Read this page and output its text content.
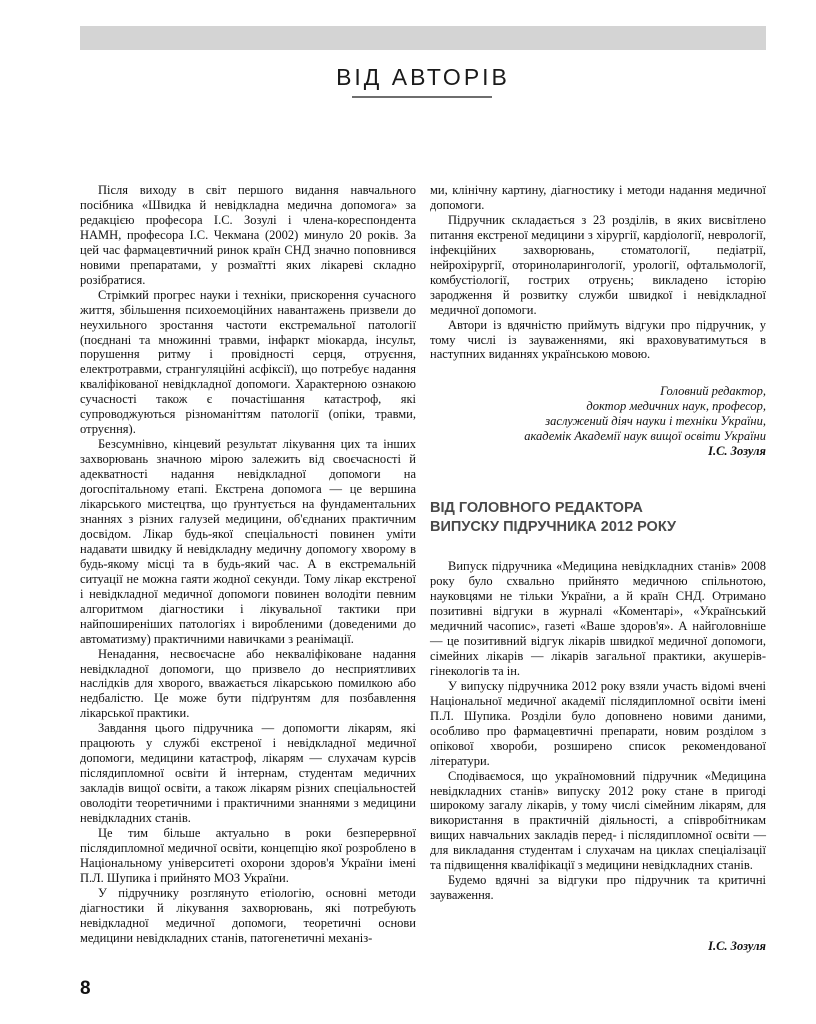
ВІД АВТОРІВ

Після виходу в світ першого видання навчального посібника «Швидка й невідкладна медична допомога» за редакцією професора І.С. Зозулі і члена-кореспондента НАМН, професора І.С. Чекмана (2002) минуло 20 років. За цей час фармацевтичний ринок країн СНД значно поповнився новими препаратами, у розмаїтті яких лікареві складно розібратися.

Стрімкий прогрес науки і техніки, прискорення сучасного життя, збільшення психоемоційних навантажень призвели до неухильного зростання частоти екстремальної патології (поєднані та множинні травми, інфаркт міокарда, інсульт, порушення ритму і провідності серця, отруєння, електротравми, странгуляційні асфіксії), що потребує надання кваліфікованої невідкладної допомоги. Характерною ознакою сучасності також є почастішання катастроф, які супроводжуються різноманіттям патології (опіки, травми, отруєння).

Безсумнівно, кінцевий результат лікування цих та інших захворювань значною мірою залежить від своєчасності й адекватності надання невідкладної допомоги на догоспітальному етапі. Екстрена допомога — це вершина лікарського мистецтва, що ґрунтується на фундаментальних знаннях з різних галузей медицини, об'єднаних практичним досвідом. Лікар будь-якої спеціальності повинен уміти надавати швидку й невідкладну медичну допомогу хворому в будь-якому місці та в будь-який час. А в екстремальній ситуації не можна гаяти жодної секунди. Тому лікар екстреної і невідкладної медичної допомоги повинен володіти певним алгоритмом діагностики і лікувальної тактики при найпоширеніших патологіях і виробленими (доведеними до автоматизму) практичними навичками з реанімації.

Ненадання, несвоєчасне або некваліфіковане надання невідкладної допомоги, що призвело до несприятливих наслідків для хворого, вважається лікарською помилкою або недбалістю. Це може бути підґрунтям для позбавлення лікарської практики.

Завдання цього підручника — допомогти лікарям, які працюють у службі екстреної і невідкладної медичної допомоги, медицини катастроф, лікарям — слухачам курсів післядипломної освіти й інтернам, студентам медичних закладів вищої освіти, а також лікарям різних спеціальностей оволодіти теоретичними і практичними знаннями з медицини невідкладних станів.

Це тим більше актуально в роки безперервної післядипломної медичної освіти, концепцію якої розроблено в Національному університеті охорони здоров'я України імені П.Л. Шупика і прийнято МОЗ України.

У підручнику розглянуто етіологію, основні методи діагностики й лікування захворювань, які потребують невідкладної медичної допомоги, теоретичні основи медицини невідкладних станів, патогенетичні механіз-

ми, клінічну картину, діагностику і методи надання медичної допомоги.

Підручник складається з 23 розділів, в яких висвітлено питання екстреної медицини з хірургії, кардіології, неврології, інфекційних захворювань, стоматології, педіатрії, нейрохірургії, оториноларингології, урології, офтальмології, комбустіології, гострих отруєнь; викладено історію зародження й розвитку служби швидкої і невідкладної медичної допомоги.

Автори із вдячністю приймуть відгуки про підручник, у тому числі із зауваженнями, які враховуватимуться в наступних виданнях українською мовою.

Головний редактор,
доктор медичних наук, професор,
заслужений діяч науки і техніки України,
академік Академії наук вищої освіти України
І.С. Зозуля
ВІД ГОЛОВНОГО РЕДАКТОРА
ВИПУСКУ ПІДРУЧНИКА 2012 РОКУ

Випуск підручника «Медицина невідкладних станів» 2008 року було схвально прийнято медичною спільнотою, науковцями не тільки України, а й країн СНД. Отримано позитивні відгуки в журналі «Коментарі», «Український медичний часопис», газеті «Ваше здоров'я». А найголовніше — це позитивний відгук лікарів швидкої медичної допомоги, сімейних лікарів — лікарів загальної практики, акушерів-гінекологів та ін.

У випуску підручника 2012 року взяли участь відомі вчені Національної медичної академії післядипломної освіти імені П.Л. Шупика. Розділи було доповнено новими даними, особливо про фармацевтичні препарати, новим розділом з опікової хвороби, розширено список рекомендованої літератури.

Сподіваємося, що україномовний підручник «Медицина невідкладних станів» випуску 2012 року стане в пригоді широкому загалу лікарів, у тому числі сімейним лікарям, для використання в практичній діяльності, а співробітникам вищих навчальних закладів перед- і післядипломної освіти — для викладання студентам і слухачам на циклах спеціалізації та підвищення кваліфікації з медицини невідкладних станів.

Будемо вдячні за відгуки про підручник та критичні зауваження.

І.С. Зозуля
8
